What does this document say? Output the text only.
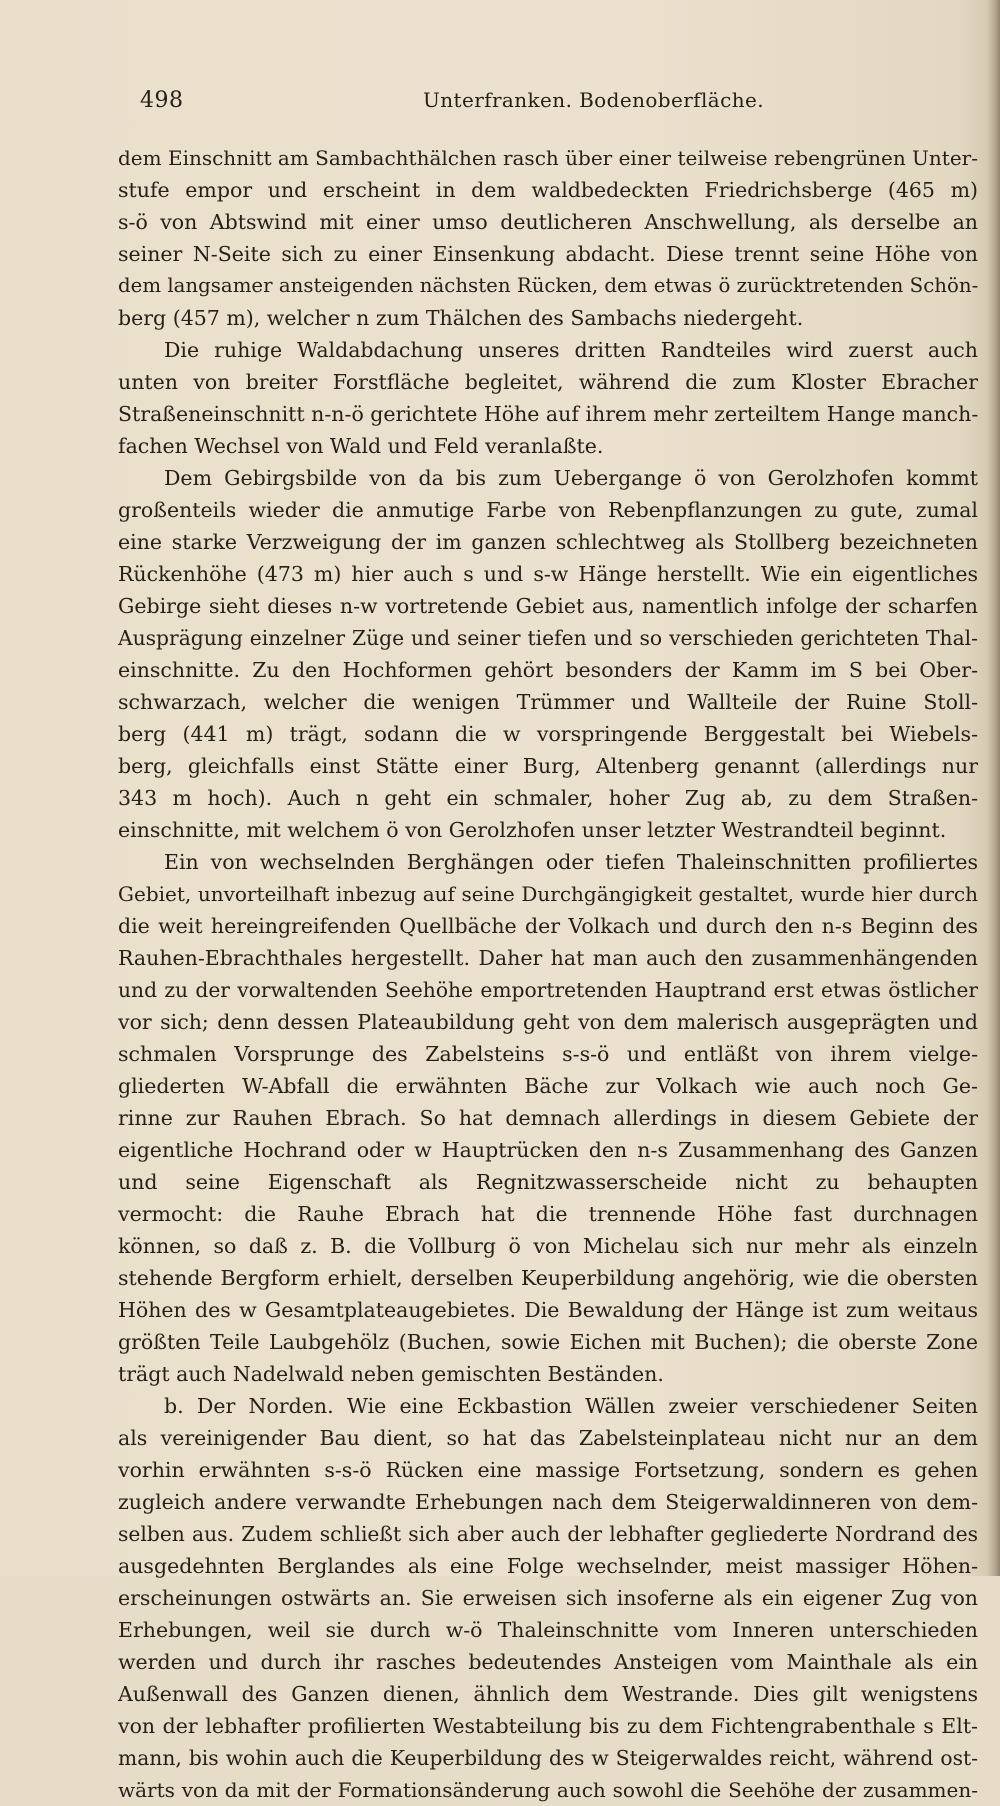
498	Unterfranken. Bodenoberfläche.
dem Einschnitt am Sambachthälchen rasch über einer teilweise rebengrünen Unter-
stufe empor und erscheint in dem waldbedeckten Friedrichsberge (465 m)
s-ö von Abtswind mit einer umso deutlicheren Anschwellung, als derselbe an
seiner N-Seite sich zu einer Einsenkung abdacht. Diese trennt seine Höhe von
dem langsamer ansteigenden nächsten Rücken, dem etwas ö zurücktretenden Schön-
berg (457 m), welcher n zum Thälchen des Sambachs niedergeht.
Die ruhige Waldabdachung unseres dritten Randteiles wird zuerst auch
unten von breiter Forstfläche begleitet, während die zum Kloster Ebracher
Straßeneinschnitt n-n-ö gerichtete Höhe auf ihrem mehr zerteiltem Hange manch-
fachen Wechsel von Wald und Feld veranlaßte.
Dem Gebirgsbilde von da bis zum Uebergange ö von Gerolzhofen kommt
großenteils wieder die anmutige Farbe von Rebenpflanzungen zu gute, zumal
eine starke Verzweigung der im ganzen schlechtweg als Stollberg bezeichneten
Rückenhöhe (473 m) hier auch s und s-w Hänge herstellt. Wie ein eigentliches
Gebirge sieht dieses n-w vortretende Gebiet aus, namentlich infolge der scharfen
Ausprägung einzelner Züge und seiner tiefen und so verschieden gerichteten Thal-
einschnitte. Zu den Hochformen gehört besonders der Kamm im S bei Ober-
schwarzach, welcher die wenigen Trümmer und Wallteile der Ruine Stoll-
berg (441 m) trägt, sodann die w vorspringende Berggestalt bei Wiebels-
berg, gleichfalls einst Stätte einer Burg, Altenberg genannt (allerdings nur
343 m hoch). Auch n geht ein schmaler, hoher Zug ab, zu dem Straßen-
einschnitte, mit welchem ö von Gerolzhofen unser letzter Westrandteil beginnt.
Ein von wechselnden Berghängen oder tiefen Thaleinschnitten profiliertes
Gebiet, unvorteilhaft inbezug auf seine Durchgängigkeit gestaltet, wurde hier durch
die weit hereingreifenden Quellbäche der Volkach und durch den n-s Beginn des
Rauhen-Ebrachthales hergestellt. Daher hat man auch den zusammenhängenden
und zu der vorwaltenden Seehöhe emportretenden Hauptrand erst etwas östlicher
vor sich; denn dessen Plateaubildung geht von dem malerisch ausgeprägten und
schmalen Vorsprunge des Zabelsteins s-s-ö und entläßt von ihrem vielge-
gliederten W-Abfall die erwähnten Bäche zur Volkach wie auch noch Ge-
rinne zur Rauhen Ebrach. So hat demnach allerdings in diesem Gebiete der
eigentliche Hochrand oder w Hauptrücken den n-s Zusammenhang des Ganzen
und seine Eigenschaft als Regnitzwasserscheide nicht zu behaupten
vermocht: die Rauhe Ebrach hat die trennende Höhe fast durchnagen
können, so daß z. B. die Vollburg ö von Michelau sich nur mehr als einzeln
stehende Bergform erhielt, derselben Keuperbildung angehörig, wie die obersten
Höhen des w Gesamtplateaugebietes. Die Bewaldung der Hänge ist zum weitaus
größten Teile Laubgehölz (Buchen, sowie Eichen mit Buchen); die oberste Zone
trägt auch Nadelwald neben gemischten Beständen.
b. Der Norden. Wie eine Eckbastion Wällen zweier verschiedener Seiten
als vereinigender Bau dient, so hat das Zabelsteinplateau nicht nur an dem
vorhin erwähnten s-s-ö Rücken eine massige Fortsetzung, sondern es gehen
zugleich andere verwandte Erhebungen nach dem Steigerwaldinneren von dem-
selben aus. Zudem schließt sich aber auch der lebhafter gegliederte Nordrand des
ausgedehnten Berglandes als eine Folge wechselnder, meist massiger Höhen-
erscheinungen ostwärts an. Sie erweisen sich insoferne als ein eigener Zug von
Erhebungen, weil sie durch w-ö Thaleinschnitte vom Inneren unterschieden
werden und durch ihr rasches bedeutendes Ansteigen vom Mainthale als ein
Außenwall des Ganzen dienen, ähnlich dem Westrande. Dies gilt wenigstens
von der lebhafter profilierten Westabteilung bis zu dem Fichtengrabenthale s Elt-
mann, bis wohin auch die Keuperbildung des w Steigerwaldes reicht, während ost-
wärts von da mit der Formationsänderung auch sowohl die Seehöhe der zusammen-
